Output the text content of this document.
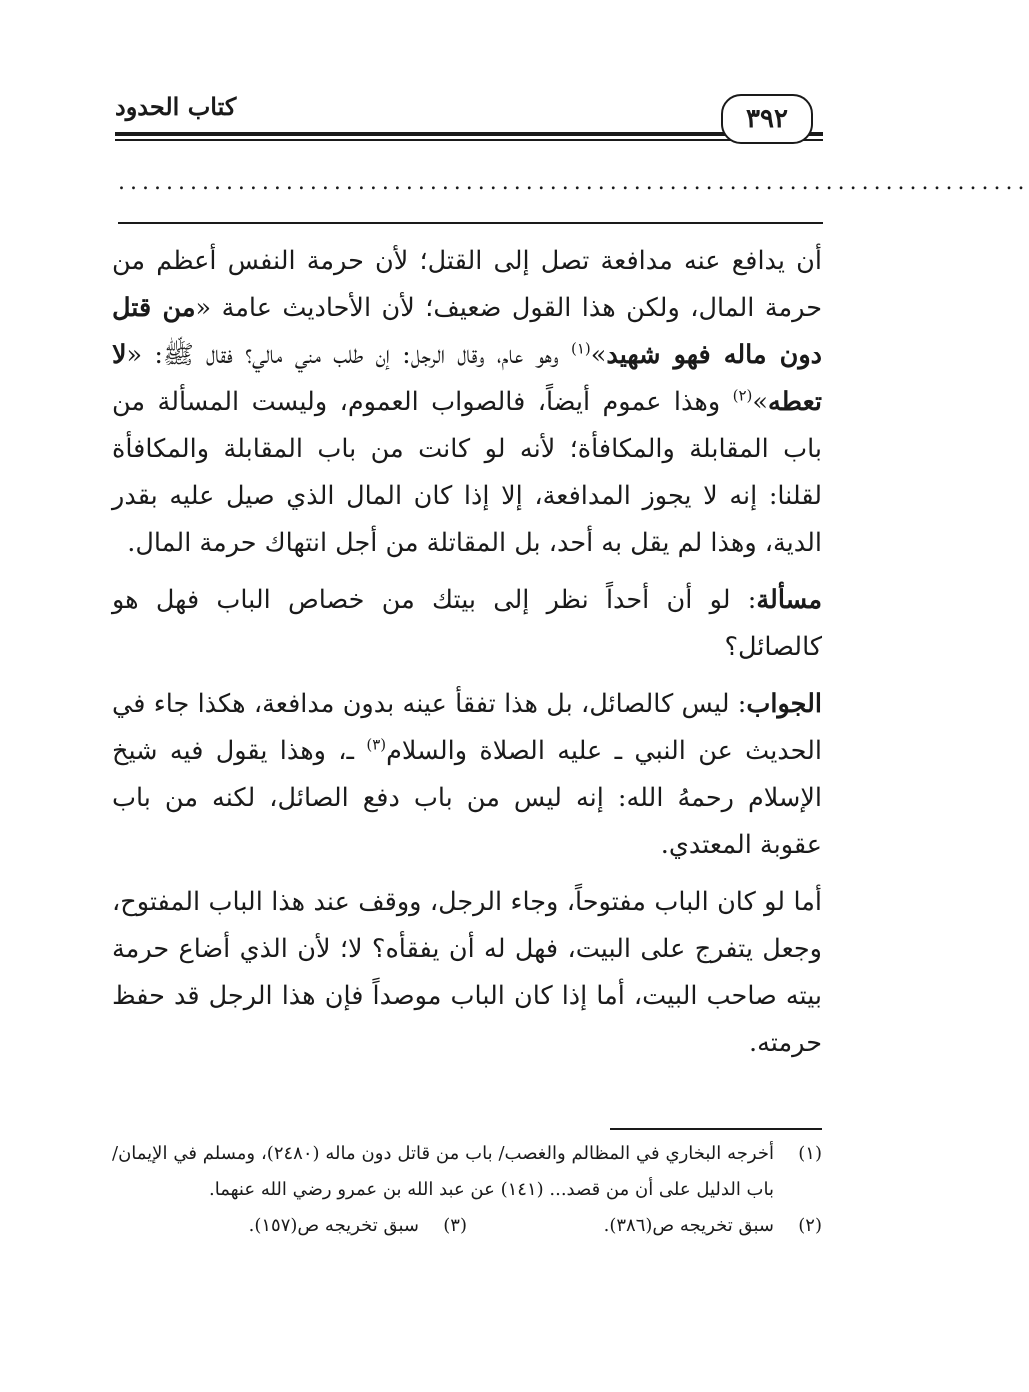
٣٩٢
كتاب الحدود
............................................................................

أن يدافع عنه مدافعة تصل إلى القتل؛ لأن حرمة النفس أعظم من حرمة المال، ولكن هذا القول ضعيف؛ لأن الأحاديث عامة «من قتل دون ماله فهو شهيد»$^{(١)}$ وهو عام، وقال الرجل: إن طلب مني مالي؟ فقال ﷺ: «لا تعطه»$^{(٢)}$ وهذا عموم أيضاً، فالصواب العموم، وليست المسألة من باب المقابلة والمكافأة؛ لأنه لو كانت من باب المقابلة والمكافأة لقلنا: إنه لا يجوز المدافعة، إلا إذا كان المال الذي صيل عليه بقدر الدية، وهذا لم يقل به أحد، بل المقاتلة من أجل انتهاك حرمة المال.

مسألة: لو أن أحداً نظر إلى بيتك من خصاص الباب فهل هو كالصائل؟

الجواب: ليس كالصائل، بل هذا تفقأ عينه بدون مدافعة، هكذا جاء في الحديث عن النبي ـ عليه الصلاة والسلام$^{(٣)}$ ـ، وهذا يقول فيه شيخ الإسلام رحمهُ الله: إنه ليس من باب دفع الصائل، لكنه من باب عقوبة المعتدي.

أما لو كان الباب مفتوحاً، وجاء الرجل، ووقف عند هذا الباب المفتوح، وجعل يتفرج على البيت، فهل له أن يفقأه؟ لا؛ لأن الذي أضاع حرمة بيته صاحب البيت، أما إذا كان الباب موصداً فإن هذا الرجل قد حفظ حرمته.

(١)
أخرجه البخاري في المظالم والغصب/ باب من قاتل دون ماله (٢٤٨٠)، ومسلم في الإيمان/ باب الدليل على أن من قصد... (١٤١) عن عبد الله بن عمرو رضي الله عنهما.
(٢)
سبق تخريجه ص(٣٨٦).
(٣)
سبق تخريجه ص(١٥٧).
